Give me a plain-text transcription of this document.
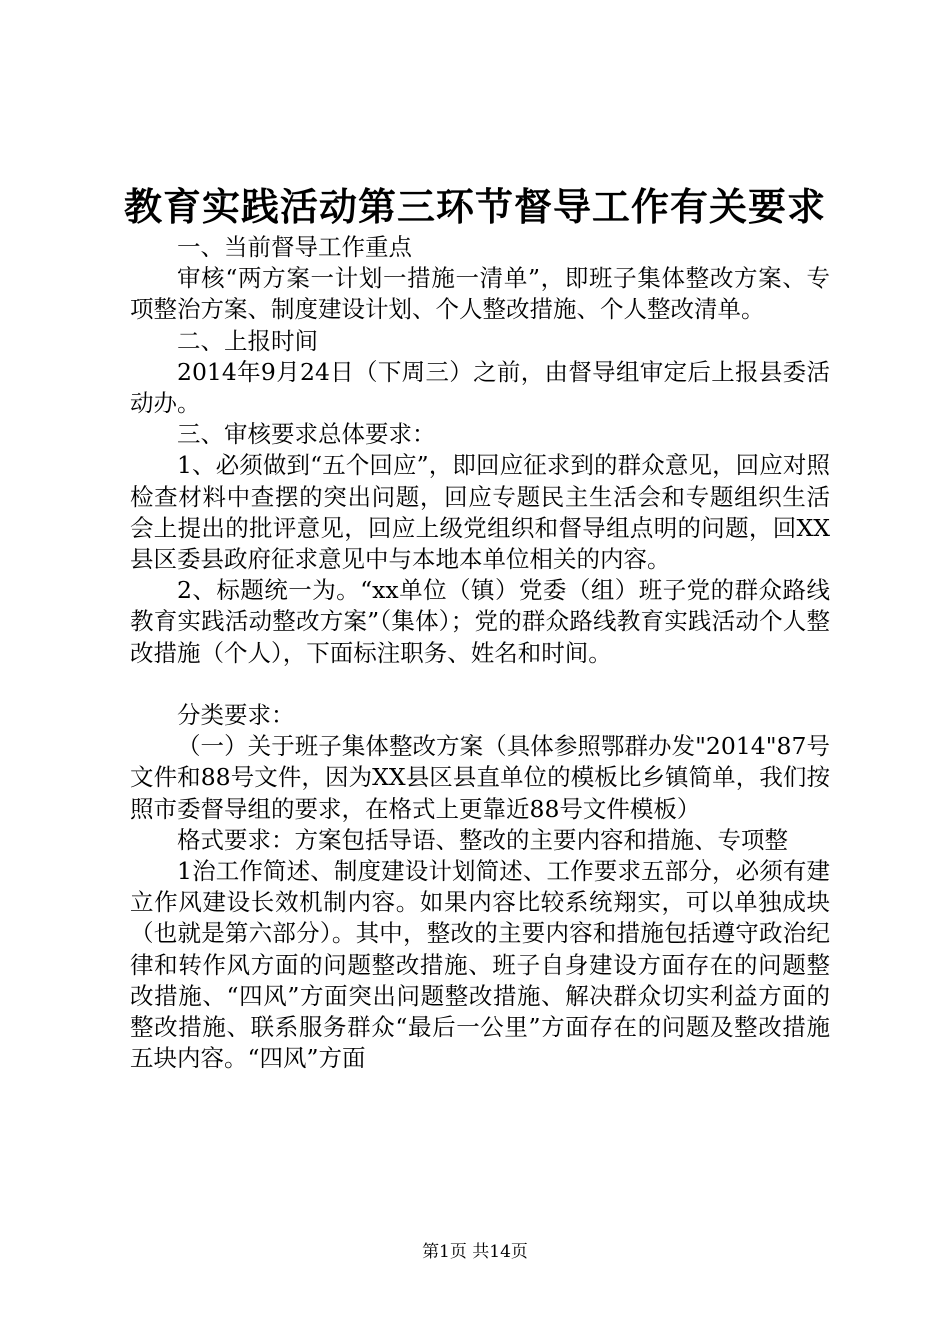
教育实践活动第三环节督导工作有关要求

一、当前督导工作重点

审核“两方案一计划一措施一清单”，即班子集体整改方案、专项整治方案、制度建设计划、个人整改措施、个人整改清单。

二、上报时间

2014年9月24日（下周三）之前，由督导组审定后上报县委活动办。

三、审核要求总体要求：

1、必须做到“五个回应”，即回应征求到的群众意见，回应对照检查材料中查摆的突出问题，回应专题民主生活会和专题组织生活会上提出的批评意见，回应上级党组织和督导组点明的问题，回XX县区委县政府征求意见中与本地本单位相关的内容。

2、标题统一为。“xx单位（镇）党委（组）班子党的群众路线教育实践活动整改方案”（集体）；党的群众路线教育实践活动个人整改措施（个人），下面标注职务、姓名和时间。

分类要求：

（一）关于班子集体整改方案（具体参照鄂群办发"2014"87号文件和88号文件，因为XX县区县直单位的模板比乡镇简单，我们按照市委督导组的要求，在格式上更靠近88号文件模板）

格式要求：方案包括导语、整改的主要内容和措施、专项整

1治工作简述、制度建设计划简述、工作要求五部分，必须有建立作风建设长效机制内容。如果内容比较系统翔实，可以单独成块（也就是第六部分）。其中，整改的主要内容和措施包括遵守政治纪律和转作风方面的问题整改措施、班子自身建设方面存在的问题整改措施、“四风”方面突出问题整改措施、解决群众切实利益方面的整改措施、联系服务群众“最后一公里”方面存在的问题及整改措施五块内容。“四风”方面

第1页 共14页
